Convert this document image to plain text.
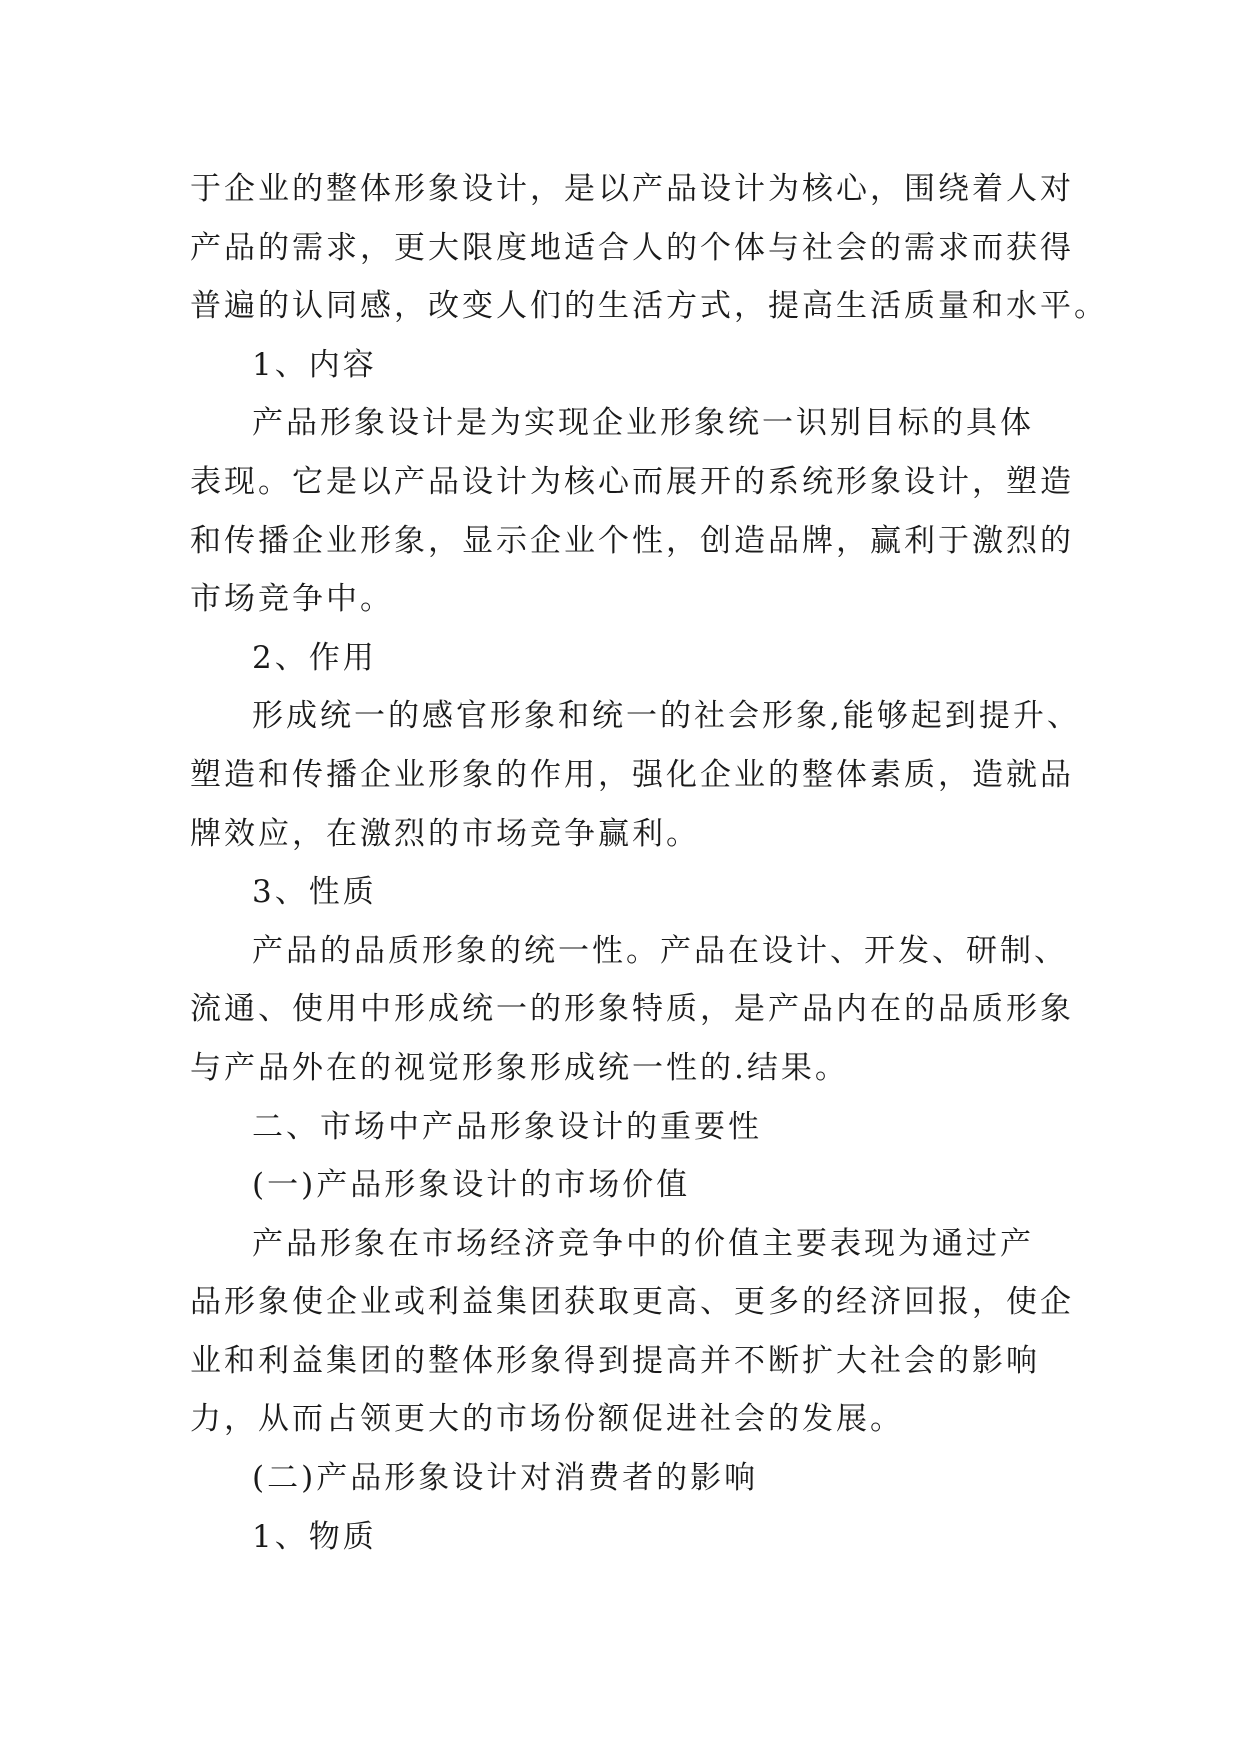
于企业的整体形象设计，是以产品设计为核心，围绕着人对
产品的需求，更大限度地适合人的个体与社会的需求而获得
普遍的认同感，改变人们的生活方式，提高生活质量和水平。
1、内容
产品形象设计是为实现企业形象统一识别目标的具体
表现。它是以产品设计为核心而展开的系统形象设计，塑造
和传播企业形象，显示企业个性，创造品牌，赢利于激烈的
市场竞争中。
2、作用
形成统一的感官形象和统一的社会形象,能够起到提升、
塑造和传播企业形象的作用，强化企业的整体素质，造就品
牌效应，在激烈的市场竞争赢利。
3、性质
产品的品质形象的统一性。产品在设计、开发、研制、
流通、使用中形成统一的形象特质，是产品内在的品质形象
与产品外在的视觉形象形成统一性的.结果。
二、市场中产品形象设计的重要性
(一)产品形象设计的市场价值
产品形象在市场经济竞争中的价值主要表现为通过产
品形象使企业或利益集团获取更高、更多的经济回报，使企
业和利益集团的整体形象得到提高并不断扩大社会的影响
力，从而占领更大的市场份额促进社会的发展。
(二)产品形象设计对消费者的影响
1、物质
